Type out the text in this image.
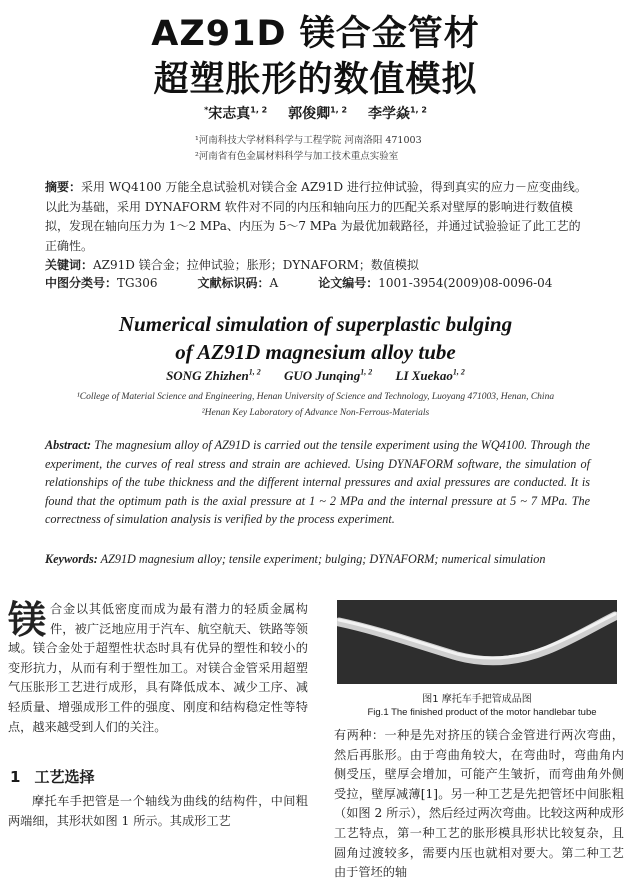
AZ91D 镁合金管材
超塑胀形的数值模拟
*宋志真$^{1, 2}$ 郭俊卿$^{1, 2}$ 李学焱$^{1, 2}$
¹河南科技大学材料科学与工程学院 河南洛阳 471003
²河南省有色金属材料科学与加工技术重点实验室
摘要：采用 WQ4100 万能全息试验机对镁合金 AZ91D 进行拉伸试验，得到真实的应力－应变曲线。以此为基础，采用 DYNAFORM 软件对不同的内压和轴向压力的匹配关系对壁厚的影响进行数值模拟，发现在轴向压力为 1～2 MPa、内压为 5～7 MPa 为最优加载路径，并通过试验验证了此工艺的正确性。
关键词：AZ91D 镁合金；拉伸试验；胀形；DYNAFORM；数值模拟
中图分类号：TG306	文献标识码：A	论文编号：1001-3954(2009)08-0096-04
Numerical simulation of superplastic bulging
of AZ91D magnesium alloy tube
SONG Zhizhen$^{1, 2}$ GUO Junqing$^{1, 2}$ LI Xuekao$^{1, 2}$
¹College of Material Science and Engineering, Henan University of Science and Technology, Luoyang 471003, Henan, China
²Henan Key Laboratory of Advance Non-Ferrous-Materials
Abstract: The magnesium alloy of AZ91D is carried out the tensile experiment using the WQ4100. Through the experiment, the curves of real stress and strain are achieved. Using DYNAFORM software, the simulation of relationships of the tube thickness and the different internal pressures and axial pressures are conducted. It is found that the optimum path is the axial pressure at 1 ~ 2 MPa and the internal pressure at 5 ~ 7 MPa. The correctness of simulation analysis is verified by the process experiment.
Keywords: AZ91D magnesium alloy; tensile experiment; bulging; DYNAFORM; numerical simulation
镁合金以其低密度而成为最有潜力的轻质金属构件，被广泛地应用于汽车、航空航天、铁路等领域。镁合金处于超塑性状态时具有优异的塑性和较小的变形抗力，从而有利于塑性加工。对镁合金管采用超塑气压胀形工艺进行成形，具有降低成本、减少工序、减轻质量、增强成形工件的强度、刚度和结构稳定性等特点，越来越受到人们的关注。
1 工艺选择
摩托车手把管是一个轴线为曲线的结构件，中间粗两端细，其形状如图 1 所示。其成形工艺
图1 摩托车手把管成品图
Fig.1 The finished product of the motor handlebar tube
有两种：一种是先对挤压的镁合金管进行两次弯曲，然后再胀形。由于弯曲角较大，在弯曲时，弯曲角内侧受压，壁厚会增加，可能产生皱折，而弯曲角外侧受拉，壁厚减薄[1]。另一种工艺是先把管坯中间胀粗（如图 2 所示），然后经过两次弯曲。比较这两种成形工艺特点，第一种工艺的胀形模具形状比较复杂，且圆角过渡较多，需要内压也就相对要大。第二种工艺由于管坯的轴
